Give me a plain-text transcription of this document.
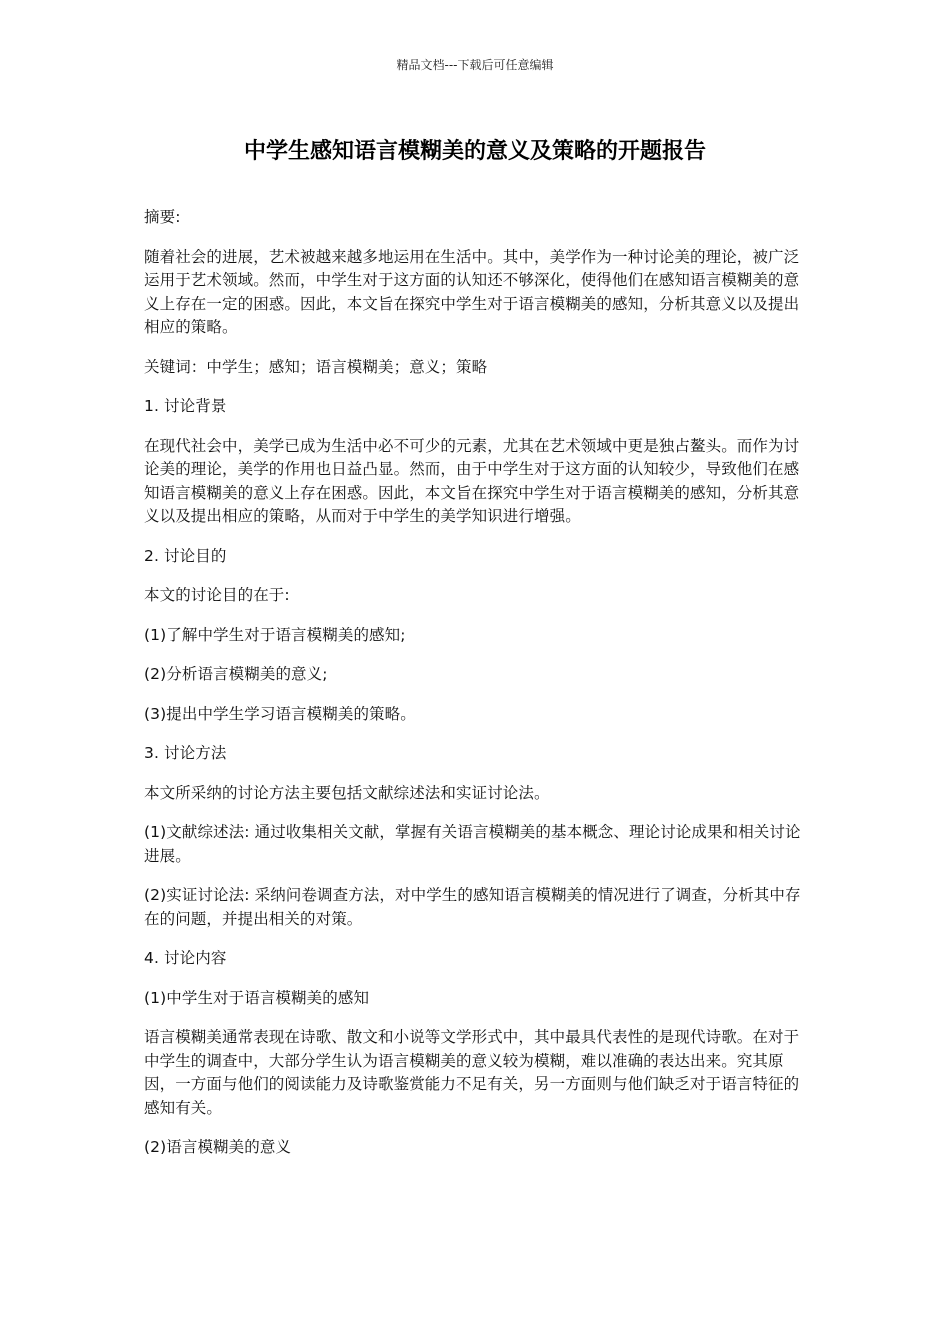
精品文档---下载后可任意编辑
中学生感知语言模糊美的意义及策略的开题报告

摘要:

随着社会的进展，艺术被越来越多地运用在生活中。其中，美学作为一种讨论美的理论，被广泛运用于艺术领域。然而，中学生对于这方面的认知还不够深化，使得他们在感知语言模糊美的意义上存在一定的困惑。因此，本文旨在探究中学生对于语言模糊美的感知，分析其意义以及提出相应的策略。

关键词：中学生；感知；语言模糊美；意义；策略

1. 讨论背景

在现代社会中，美学已成为生活中必不可少的元素，尤其在艺术领域中更是独占鳌头。而作为讨论美的理论，美学的作用也日益凸显。然而，由于中学生对于这方面的认知较少，导致他们在感知语言模糊美的意义上存在困惑。因此，本文旨在探究中学生对于语言模糊美的感知，分析其意义以及提出相应的策略，从而对于中学生的美学知识进行增强。

2. 讨论目的

本文的讨论目的在于:

(1)了解中学生对于语言模糊美的感知;

(2)分析语言模糊美的意义;

(3)提出中学生学习语言模糊美的策略。

3. 讨论方法

本文所采纳的讨论方法主要包括文献综述法和实证讨论法。

(1)文献综述法: 通过收集相关文献，掌握有关语言模糊美的基本概念、理论讨论成果和相关讨论进展。

(2)实证讨论法: 采纳问卷调查方法，对中学生的感知语言模糊美的情况进行了调查，分析其中存在的问题，并提出相关的对策。

4. 讨论内容

(1)中学生对于语言模糊美的感知

语言模糊美通常表现在诗歌、散文和小说等文学形式中，其中最具代表性的是现代诗歌。在对于中学生的调查中，大部分学生认为语言模糊美的意义较为模糊，难以准确的表达出来。究其原因，一方面与他们的阅读能力及诗歌鉴赏能力不足有关，另一方面则与他们缺乏对于语言特征的感知有关。

(2)语言模糊美的意义
